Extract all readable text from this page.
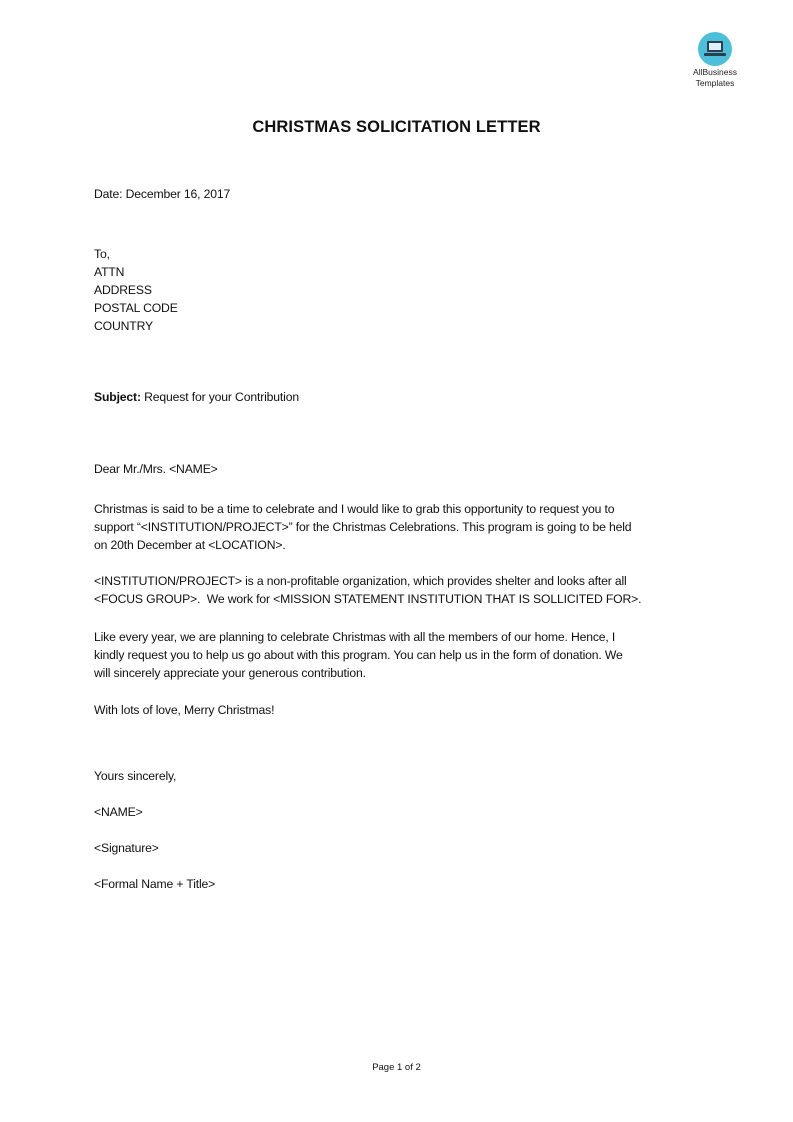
AllBusiness
Templates
CHRISTMAS SOLICITATION LETTER
Date: December 16, 2017
To,
ATTN
ADDRESS
POSTAL CODE
COUNTRY
Subject: Request for your Contribution
Dear Mr./Mrs. <NAME>
Christmas is said to be a time to celebrate and I would like to grab this opportunity to request you to
support “<INSTITUTION/PROJECT>” for the Christmas Celebrations. This program is going to be held
on 20th December at <LOCATION>.
<INSTITUTION/PROJECT> is a non-profitable organization, which provides shelter and looks after all
<FOCUS GROUP>.  We work for <MISSION STATEMENT INSTITUTION THAT IS SOLLICITED FOR>.
Like every year, we are planning to celebrate Christmas with all the members of our home. Hence, I
kindly request you to help us go about with this program. You can help us in the form of donation. We
will sincerely appreciate your generous contribution.
With lots of love, Merry Christmas!
Yours sincerely,
<NAME>
<Signature>
<Formal Name + Title>
Page 1 of 2
